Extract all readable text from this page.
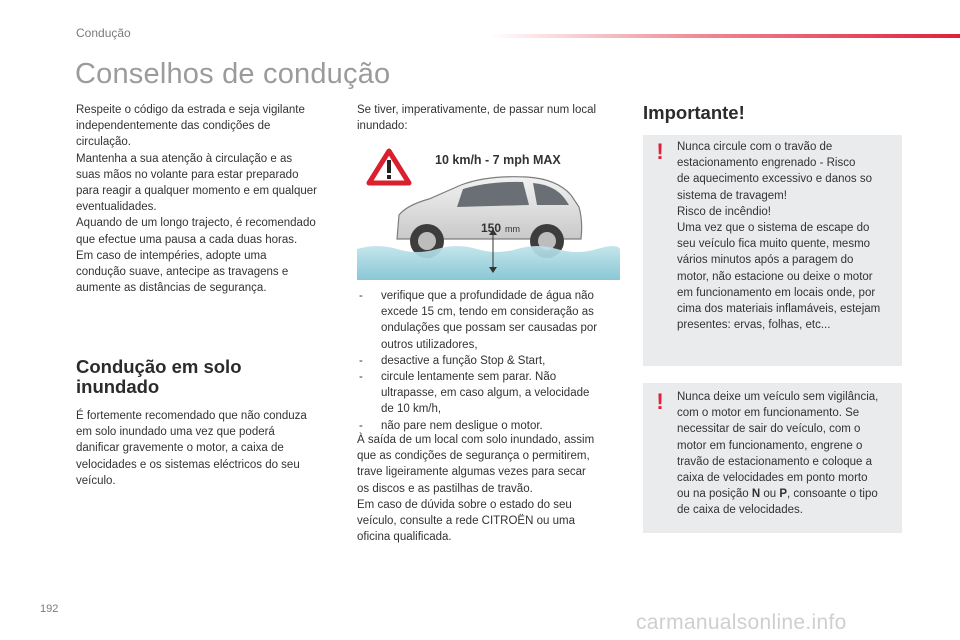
Condução
Conselhos de condução

Respeite o código da estrada e seja vigilante
independentemente das condições de
circulação.
Mantenha a sua atenção à circulação e as
suas mãos no volante para estar preparado
para reagir a qualquer momento e em qualquer
eventualidades.
Aquando de um longo trajecto, é recomendado
que efectue uma pausa a cada duas horas.
Em caso de intempéries, adopte uma
condução suave, antecipe as travagens e
aumente as distâncias de segurança.

Condução em solo
inundado

É fortemente recomendado que não conduza
em solo inundado uma vez que poderá
danificar gravemente o motor, a caixa de
velocidades e os sistemas eléctricos do seu
veículo.

Se tiver, imperativamente, de passar num local
inundado:

10 km/h - 7 mph MAX
150 mm
- verifique que a profundidade de água não
excede 15 cm, tendo em consideração as
ondulações que possam ser causadas por
outros utilizadores,
- desactive a função Stop & Start,
- circule lentamente sem parar. Não
ultrapasse, em caso algum, a velocidade
de 10 km/h,
- não pare nem desligue o motor.

À saída de um local com solo inundado, assim
que as condições de segurança o permitirem,
trave ligeiramente algumas vezes para secar
os discos e as pastilhas de travão.
Em caso de dúvida sobre o estado do seu
veículo, consulte a rede CITROËN ou uma
oficina qualificada.

Importante!
! Nunca circule com o travão de
estacionamento engrenado - Risco
de aquecimento excessivo e danos so
sistema de travagem!
Risco de incêndio!
Uma vez que o sistema de escape do
seu veículo fica muito quente, mesmo
vários minutos após a paragem do
motor, não estacione ou deixe o motor
em funcionamento em locais onde, por
cima dos materiais inflamáveis, estejam
presentes: ervas, folhas, etc...
! Nunca deixe um veículo sem vigilância,
com o motor em funcionamento. Se
necessitar de sair do veículo, com o
motor em funcionamento, engrene o
travão de estacionamento e coloque a
caixa de velocidades em ponto morto
ou na posição N ou P, consoante o tipo
de caixa de velocidades.
192
carmanualsonline.info
